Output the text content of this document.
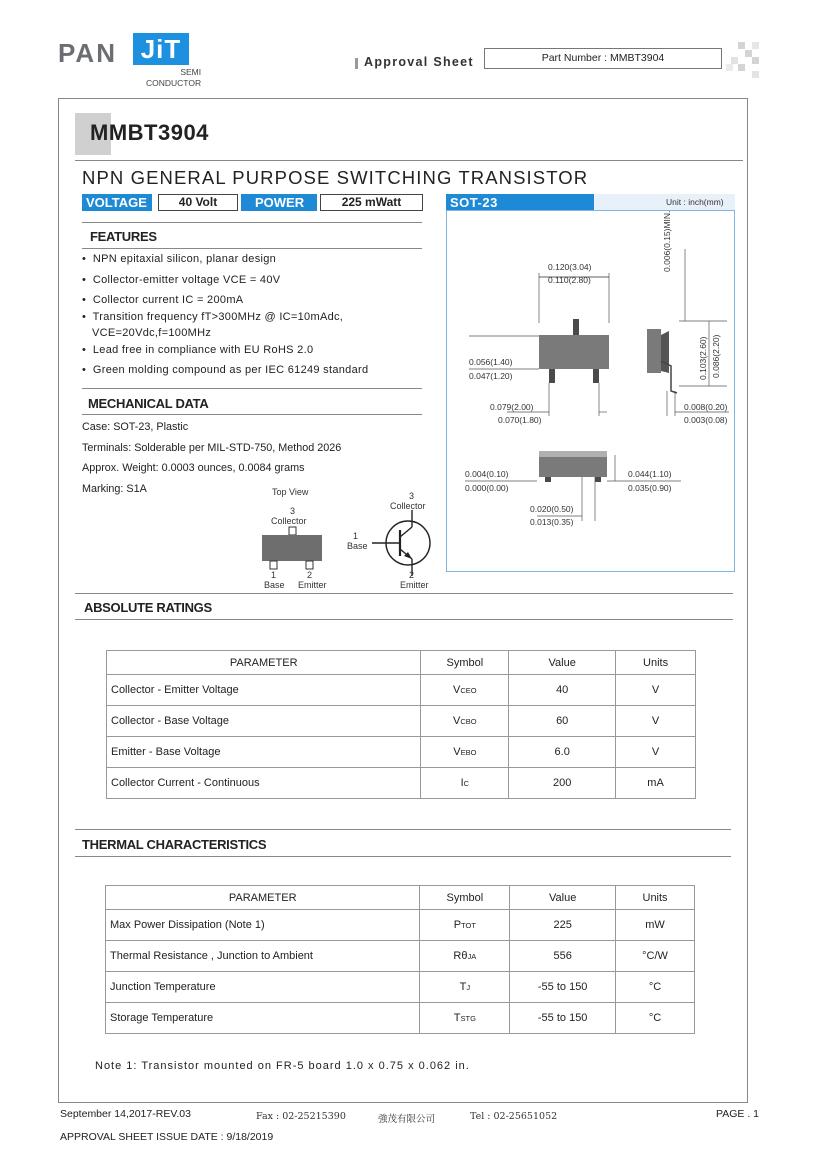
PAN JiT
SEMI
CONDUCTOR
Approval Sheet	Part Number : MMBT3904
MMBT3904
NPN GENERAL PURPOSE SWITCHING TRANSISTOR
VOLTAGE	40 Volt	POWER	225 mWatt	SOT-23	Unit : inch(mm)
FEATURES
•  NPN epitaxial silicon, planar design
•  Collector-emitter voltage VCE = 40V
•  Collector current IC = 200mA
•  Transition frequency fT>300MHz @ IC=10mAdc,
VCE=20Vdc,f=100MHz
•  Lead free in compliance with EU RoHS 2.0
•  Green molding compound as per IEC 61249 standard
MECHANICAL DATA
Case: SOT-23, Plastic
Terminals: Solderable per MIL-STD-750, Method 2026
Approx. Weight: 0.0003 ounces, 0.0084 grams
Marking: S1A	Top View
3
Collector
1
Base
2
Emitter
3
Collector
1
Base
2
Emitter
0.120(3.04)
0.110(2.80)
0.006(0.15)MIN.
0.103(2.60) 0.086(2.20)
0.056(1.40)
0.047(1.20)
0.079(2.00)
0.070(1.80)
0.008(0.20)
0.003(0.08)
0.004(0.10)
0.000(0.00)
0.044(1.10)
0.035(0.90)
0.020(0.50)
0.013(0.35)
ABSOLUTE RATINGS
PARAMETER	Symbol	Value	Units
Collector - Emitter Voltage	VCEO	40	V
Collector - Base Voltage	VCBO	60	V
Emitter - Base Voltage	VEBO	6.0	V
Collector Current - Continuous	IC	200	mA
THERMAL CHARACTERISTICS
PARAMETER	Symbol	Value	Units
Max Power Dissipation (Note 1)	PTOT	225	mW
Thermal Resistance , Junction to Ambient	RθJA	556	°C/W
Junction Temperature	TJ	-55 to 150	°C
Storage Temperature	TSTG	-55 to 150	°C
Note 1: Transistor mounted on FR-5 board 1.0 x 0.75 x 0.062 in.
September 14,2017-REV.03	Fax : 02-25215390	強茂有限公司	Tel : 02-25651052	PAGE . 1
APPROVAL SHEET ISSUE DATE : 9/18/2019
